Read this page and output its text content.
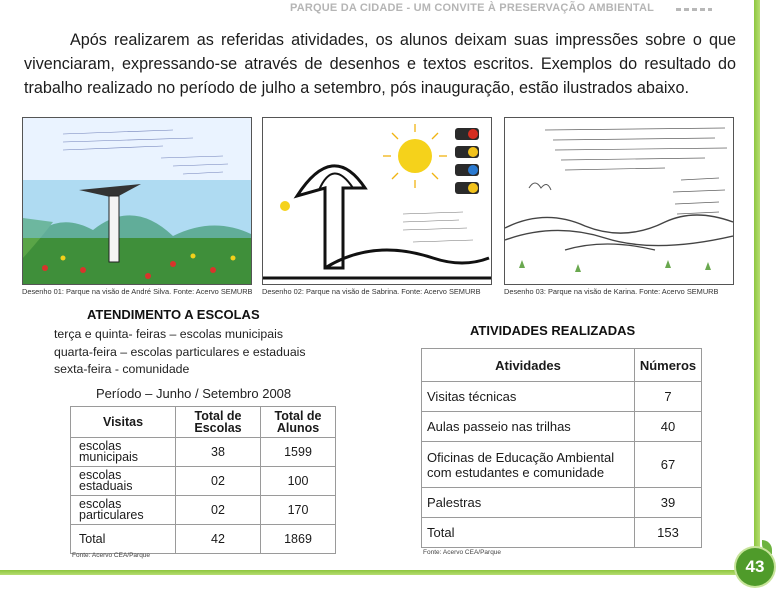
PARQUE DA CIDADE - UM CONVITE À PRESERVAÇÃO AMBIENTAL
43

Após realizarem as referidas atividades, os alunos deixam suas impressões sobre o que vivenciaram, expressando-se através de desenhos e textos escritos. Exemplos do resultado do trabalho realizado no período de julho a setembro, pós inauguração, estão ilustrados abaixo.

Desenho 01: Parque na visão de André Silva. Fonte: Acervo SEMURB Desenho 02: Parque na visão de Sabrina. Fonte: Acervo SEMURB	Desenho 03: Parque na visão de Karina. Fonte: Acervo SEMURB
ATENDIMENTO A ESCOLAS
terça e quinta- feiras – escolas municipais
quarta-feira – escolas particulares e estaduais
sexta-feira - comunidade
Período – Junho / Setembro 2008
Visitas	Total de Escolas	Total de Alunos
escolas municipais	38	1599
escolas estaduais	02	100
escolas particulares	02	170
Total	42	1869
Fonte: Acervo CEA/Parque
ATIVIDADES REALIZADAS
Atividades	Números
Visitas técnicas	7
Aulas passeio nas trilhas	40
Oficinas de Educação Ambiental com estudantes e comunidade	67
Palestras	39
Total	153
Fonte: Acervo CEA/Parque
